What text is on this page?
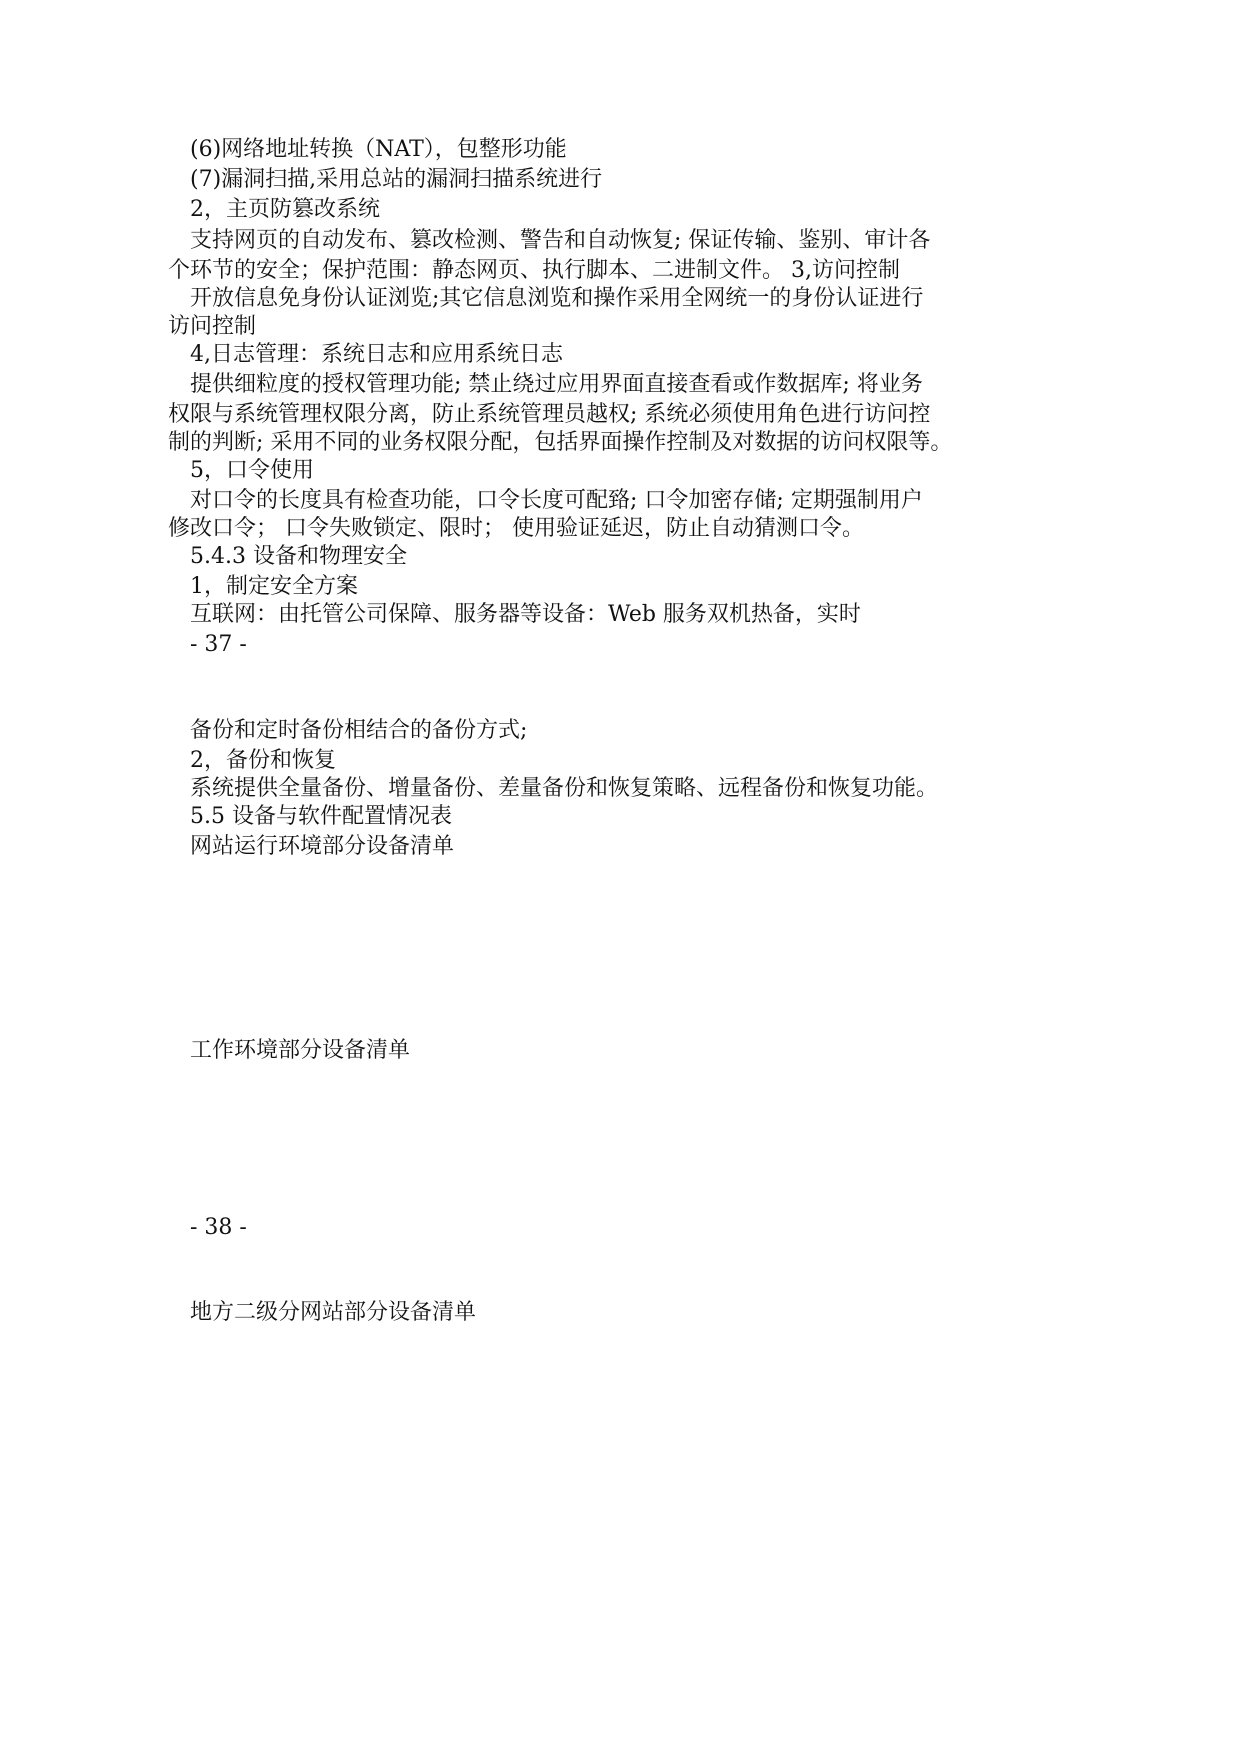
(6)网络地址转换（NAT），包整形功能

(7)漏洞扫描,采用总站的漏洞扫描系统进行

2，主页防篡改系统

支持网页的自动发布、篡改检测、警告和自动恢复; 保证传输、鉴别、审计各

个环节的安全；保护范围：静态网页、执行脚本、二进制文件。 3,访问控制

开放信息免身份认证浏览;其它信息浏览和操作采用全网统一的身份认证进行

访问控制

4,日志管理：系统日志和应用系统日志

提供细粒度的授权管理功能; 禁止绕过应用界面直接查看或作数据库; 将业务

权限与系统管理权限分离，防止系统管理员越权; 系统必须使用角色进行访问控

制的判断; 采用不同的业务权限分配，包括界面操作控制及对数据的访问权限等。

5，口令使用

对口令的长度具有检查功能，口令长度可配臵; 口令加密存储; 定期强制用户

修改口令； 口令失败锁定、限时； 使用验证延迟，防止自动猜测口令。

5.4.3 设备和物理安全

1，制定安全方案

互联网：由托管公司保障、服务器等设备：Web 服务双机热备，实时

- 37 -

备份和定时备份相结合的备份方式;

2，备份和恢复

系统提供全量备份、增量备份、差量备份和恢复策略、远程备份和恢复功能。

5.5 设备与软件配置情况表

网站运行环境部分设备清单

工作环境部分设备清单

- 38 -

地方二级分网站部分设备清单
